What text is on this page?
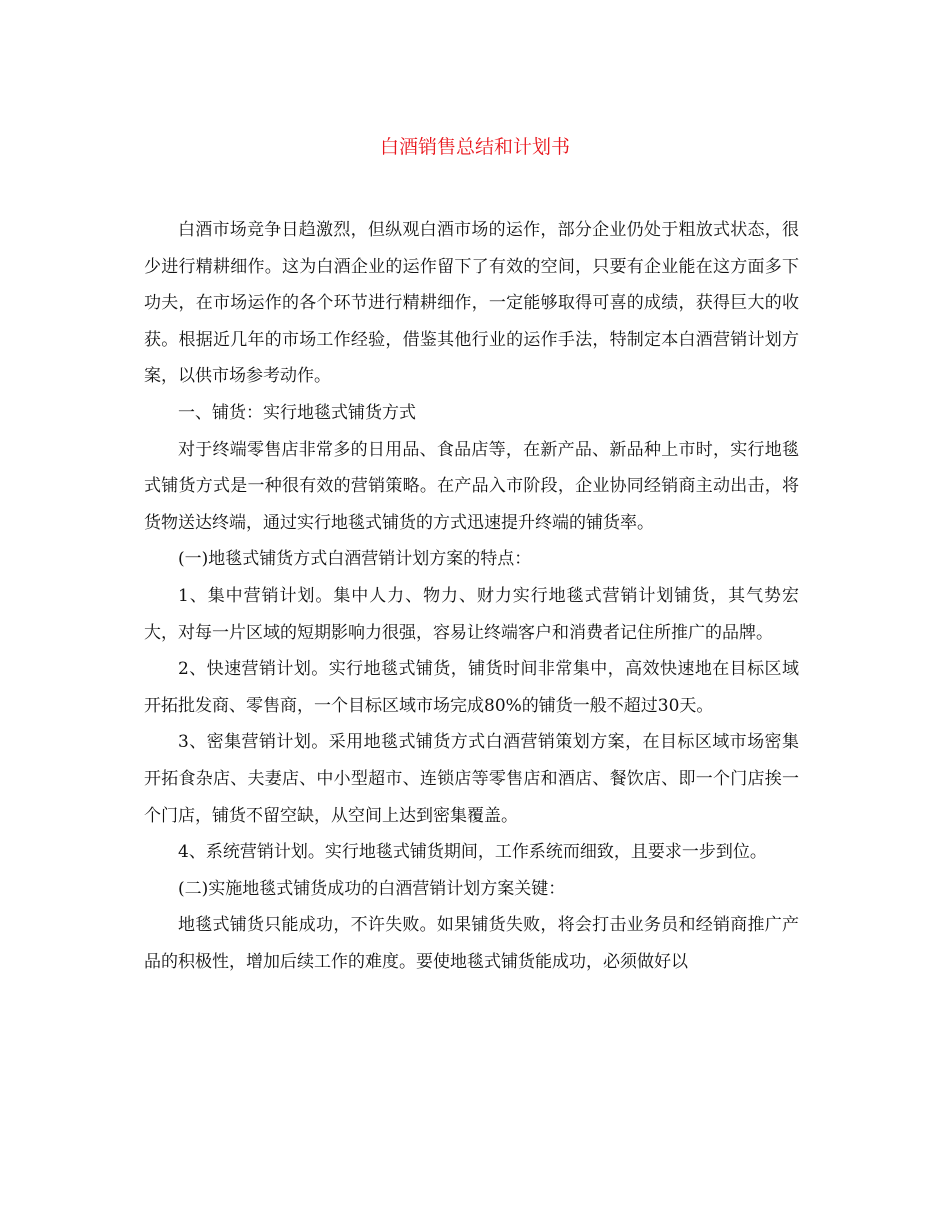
白酒销售总结和计划书

白酒市场竞争日趋激烈，但纵观白酒市场的运作，部分企业仍处于粗放式状态，很少进行精耕细作。这为白酒企业的运作留下了有效的空间，只要有企业能在这方面多下功夫，在市场运作的各个环节进行精耕细作，一定能够取得可喜的成绩，获得巨大的收获。根据近几年的市场工作经验，借鉴其他行业的运作手法，特制定本白酒营销计划方案，以供市场参考动作。

一、铺货：实行地毯式铺货方式

对于终端零售店非常多的日用品、食品店等，在新产品、新品种上市时，实行地毯式铺货方式是一种很有效的营销策略。在产品入市阶段，企业协同经销商主动出击，将货物送达终端，通过实行地毯式铺货的方式迅速提升终端的铺货率。

(一)地毯式铺货方式白酒营销计划方案的特点：

1、集中营销计划。集中人力、物力、财力实行地毯式营销计划铺货，其气势宏大，对每一片区域的短期影响力很强，容易让终端客户和消费者记住所推广的品牌。

2、快速营销计划。实行地毯式铺货，铺货时间非常集中，高效快速地在目标区域开拓批发商、零售商，一个目标区域市场完成80%的铺货一般不超过30天。

3、密集营销计划。采用地毯式铺货方式白酒营销策划方案，在目标区域市场密集开拓食杂店、夫妻店、中小型超市、连锁店等零售店和酒店、餐饮店、即一个门店挨一个门店，铺货不留空缺，从空间上达到密集覆盖。

4、系统营销计划。实行地毯式铺货期间，工作系统而细致，且要求一步到位。

(二)实施地毯式铺货成功的白酒营销计划方案关键：

地毯式铺货只能成功，不许失败。如果铺货失败，将会打击业务员和经销商推广产品的积极性，增加后续工作的难度。要使地毯式铺货能成功，必须做好以
